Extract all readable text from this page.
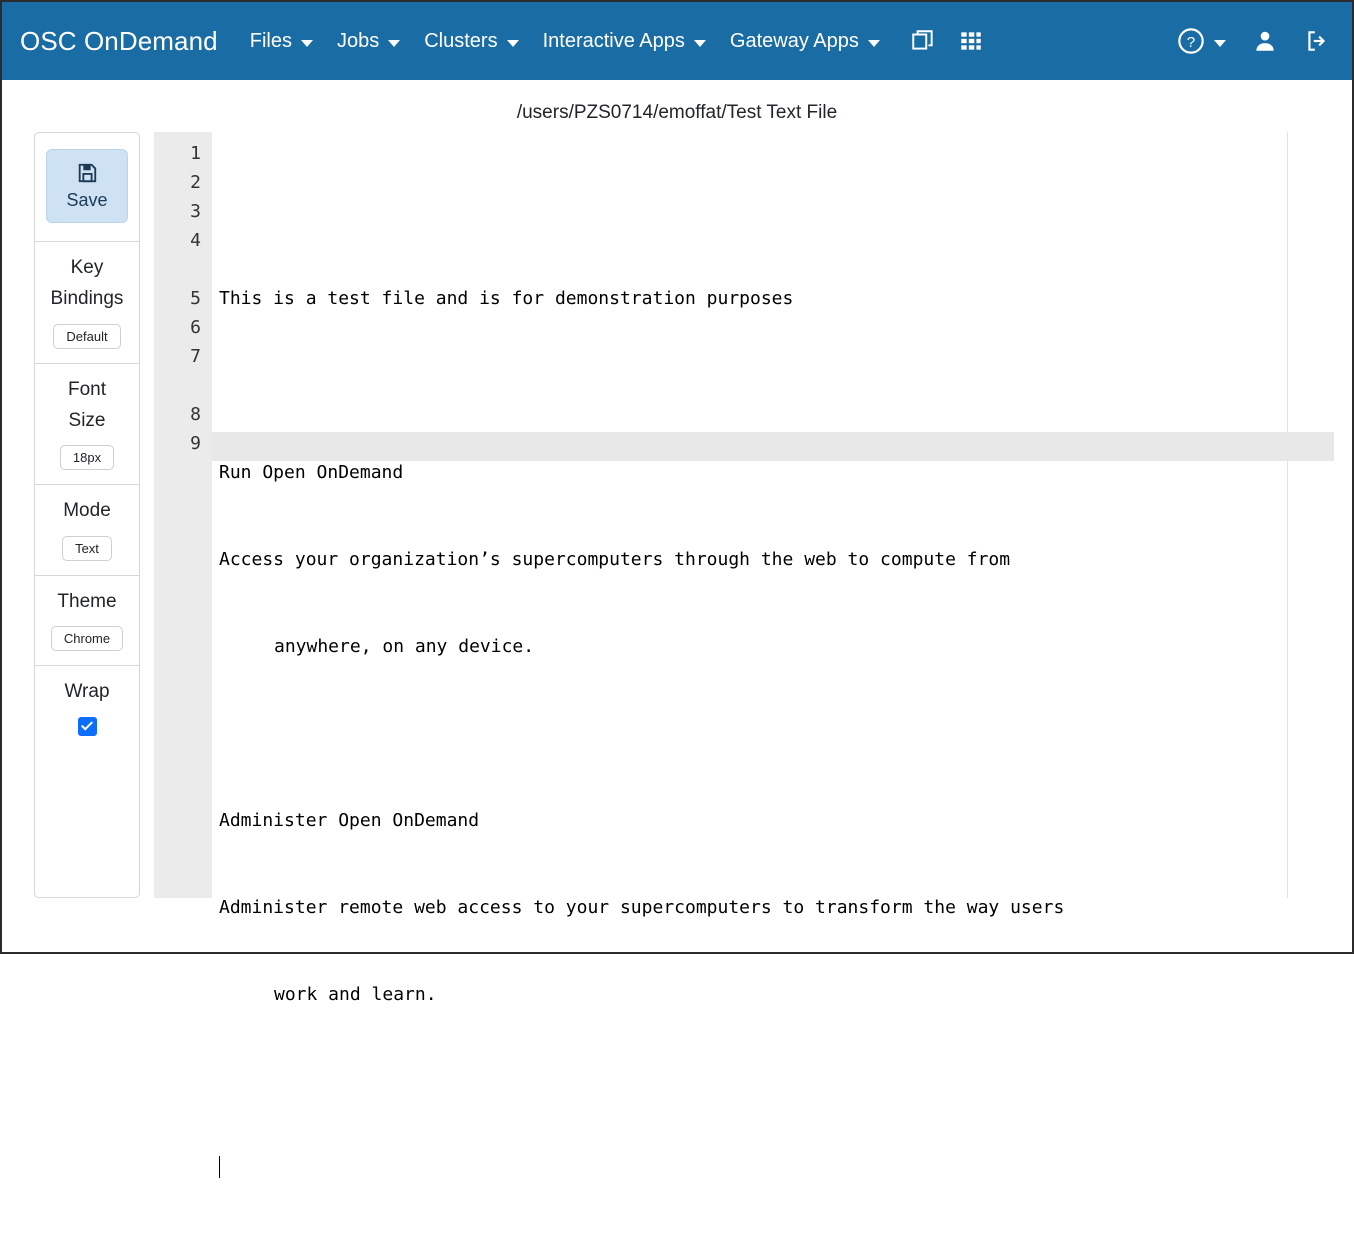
OSC OnDemand Files Jobs Clusters Interactive Apps Gateway Apps	?
/users/PZS0714/emoffat/Test Text File
Save
Key
Bindings
Default
Font
Size
18px
Mode
Text
Theme
Chrome
Wrap
1
2
3
4
5
6
7
8
9

This is a test file and is for demonstration purposes

Run Open OnDemand

Access your organization’s supercomputers through the web to compute from

anywhere, on any device.

Administer Open OnDemand

Administer remote web access to your supercomputers to transform the way users

work and learn.
